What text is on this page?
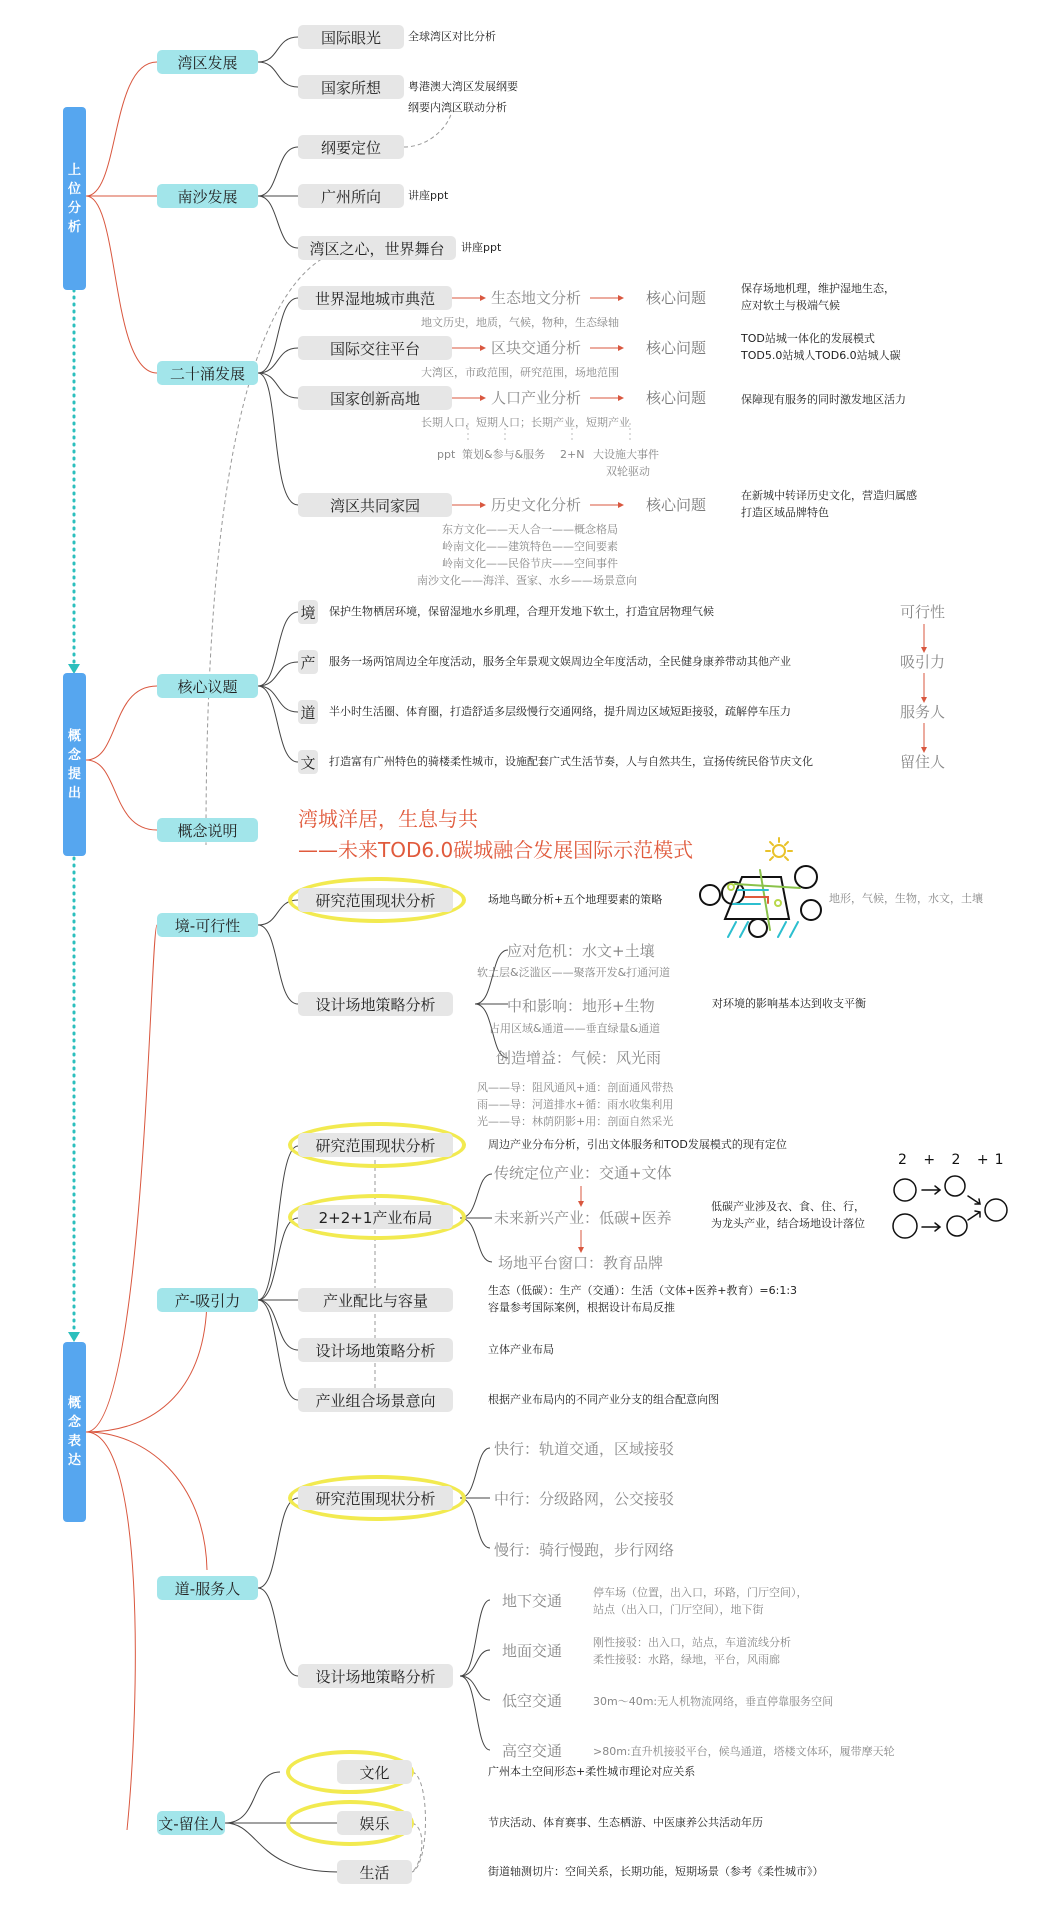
上
位
分
析
概
念
提
出
概
念
表
达
湾区发展
国际眼光	全球湾区对比分析
国家所想	粤港澳大湾区发展纲要
纲要内湾区联动分析
南沙发展
纲要定位
广州所向	讲座ppt
湾区之心，世界舞台	讲座ppt
二十涌发展
世界湿地城市典范	生态地文分析	核心问题
地文历史，地质，气候，物种，生态绿轴
保存场地机理，维护湿地生态，
应对软土与极端气候
国际交往平台	区块交通分析	核心问题
大湾区，市政范围，研究范围，场地范围
TOD站城一体化的发展模式
TOD5.0站城人TOD6.0站城人碳
国家创新高地	人口产业分析	核心问题
长期人口，短期人口；长期产业，短期产业
ppt 策划&参与&服务 2+N 大设施大事件
双轮驱动
保障现有服务的同时激发地区活力
湾区共同家园	历史文化分析	核心问题
东方文化——天人合一——概念格局
岭南文化——建筑特色——空间要素
岭南文化——民俗节庆——空间事件
南沙文化——海洋、疍家、水乡——场景意向
在新城中转译历史文化，营造归属感
打造区域品牌特色
核心议题
境 保护生物栖居环境，保留湿地水乡肌理，合理开发地下软土，打造宜居物理气候
产 服务一场两馆周边全年度活动，服务全年景观文娱周边全年度活动，全民健身康养带动其他产业
道 半小时生活圈、体育圈，打造舒适多层级慢行交通网络，提升周边区域短距接驳，疏解停车压力
文 打造富有广州特色的骑楼柔性城市，设施配套广式生活节奏，人与自然共生，宣扬传统民俗节庆文化
可行性
吸引力
服务人
留住人
概念说明	湾城洋居，生息与共
——未来TOD6.0碳城融合发展国际示范模式
境-可行性
研究范围现状分析	场地鸟瞰分析+五个地理要素的策略	地形，气候，生物，水文，土壤
设计场地策略分析
应对危机：水文+土壤
软土层&泛滥区——聚落开发&打通河道
中和影响：地形+生物
占用区域&通道——垂直绿量&通道
创造增益：气候：风光雨
风——导：阻风通风+通：剖面通风带热
雨——导：河道排水+循：雨水收集利用
光——导：林荫阴影+用：剖面自然采光
对环境的影响基本达到收支平衡
产-吸引力
研究范围现状分析	周边产业分布分析，引出文体服务和TOD发展模式的现有定位
2+2+1产业布局
传统定位产业：交通+文体
未来新兴产业：低碳+医养
场地平台窗口：教育品牌
低碳产业涉及衣、食、住、行，
为龙头产业，结合场地设计落位
2 + 2 +1
产业配比与容量
生态（低碳）：生产（交通）：生活（文体+医养+教育）=6:1:3
容量参考国际案例，根据设计布局反推
设计场地策略分析	立体产业布局
产业组合场景意向	根据产业布局内的不同产业分支的组合配意向图
道-服务人
研究范围现状分析
快行：轨道交通，区域接驳
中行：分级路网，公交接驳
慢行：骑行慢跑，步行网络
设计场地策略分析
地下交通	停车场（位置，出入口，环路，门厅空间），
站点（出入口，门厅空间），地下街
地面交通	刚性接驳：出入口，站点，车道流线分析
柔性接驳：水路，绿地，平台，风雨廊
低空交通	30m～40m:无人机物流网络，垂直停靠服务空间
高空交通	>80m:直升机接驳平台，候鸟通道，塔楼文体环，履带摩天轮
文-留住人
文化	广州本土空间形态+柔性城市理论对应关系
娱乐	节庆活动、体育赛事、生态栖游、中医康养公共活动年历
生活	街道轴测切片：空间关系，长期功能，短期场景（参考《柔性城市》）
